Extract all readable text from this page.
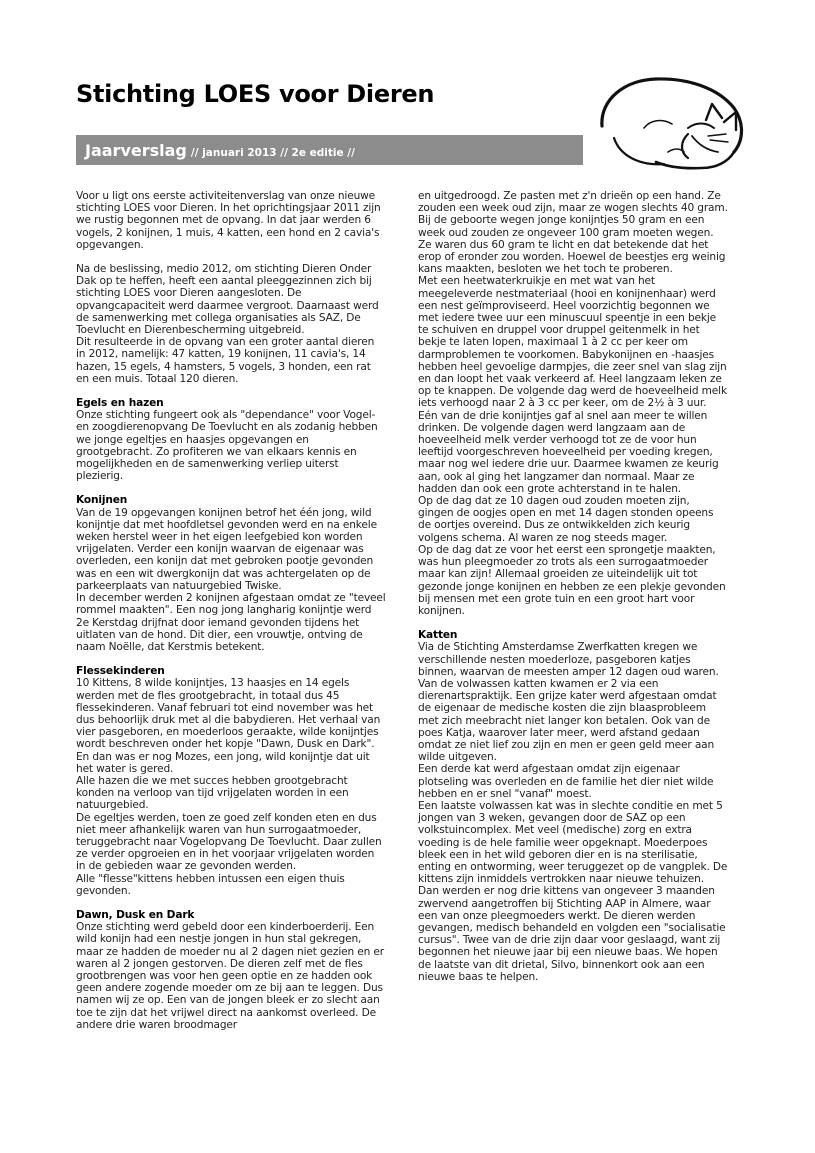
Stichting LOES voor Dieren
Jaarverslag // januari 2013 // 2e editie //

Voor u ligt ons eerste activiteitenverslag van onze nieuwe stichting LOES voor Dieren. In het oprichtingsjaar 2011 zijn we rustig begonnen met de opvang. In dat jaar werden 6 vogels, 2 konijnen, 1 muis, 4 katten, een hond en 2 cavia's opgevangen.

Na de beslissing, medio 2012, om stichting Dieren Onder Dak op te heffen, heeft een aantal pleeggezinnen zich bij stichting LOES voor Dieren aangesloten. De opvangcapaciteit werd daarmee vergroot. Daarnaast werd de samenwerking met collega organisaties als SAZ, De Toevlucht en Dierenbescherming uitgebreid.

Dit resulteerde in de opvang van een groter aantal dieren in 2012, namelijk: 47 katten, 19 konijnen, 11 cavia's, 14 hazen, 15 egels, 4 hamsters, 5 vogels, 3 honden, een rat en een muis. Totaal 120 dieren.

Egels en hazen

Onze stichting fungeert ook als "dependance" voor Vogel- en zoogdierenopvang De Toevlucht en als zodanig hebben we jonge egeltjes en haasjes opgevangen en grootgebracht. Zo profiteren we van elkaars kennis en mogelijkheden en de samenwerking verliep uiterst plezierig.

Konijnen

Van de 19 opgevangen konijnen betrof het één jong, wild konijntje dat met hoofdletsel gevonden werd en na enkele weken herstel weer in het eigen leefgebied kon worden vrijgelaten. Verder een konijn waarvan de eigenaar was overleden, een konijn dat met gebroken pootje gevonden was en een wit dwergkonijn dat was achtergelaten op de parkeerplaats van natuurgebied Twiske.

In december werden 2 konijnen afgestaan omdat ze "teveel rommel maakten". Een nog jong langharig konijntje werd 2e Kerstdag drijfnat door iemand gevonden tijdens het uitlaten van de hond. Dit dier, een vrouwtje, ontving de naam Noëlle, dat Kerstmis betekent.

Flessekinderen

10 Kittens, 8 wilde konijntjes, 13 haasjes en 14 egels werden met de fles grootgebracht, in totaal dus 45 flessekinderen. Vanaf februari tot eind november was het dus behoorlijk druk met al die babydieren. Het verhaal van vier pasgeboren, en moederloos geraakte, wilde konijntjes wordt beschreven onder het kopje "Dawn, Dusk en Dark". En dan was er nog Mozes, een jong, wild konijntje dat uit het water is gered.

Alle hazen die we met succes hebben grootgebracht konden na verloop van tijd vrijgelaten worden in een natuurgebied.

De egeltjes werden, toen ze goed zelf konden eten en dus niet meer afhankelijk waren van hun surrogaatmoeder, teruggebracht naar Vogelopvang De Toevlucht. Daar zullen ze verder opgroeien en in het voorjaar vrijgelaten worden in de gebieden waar ze gevonden werden.

Alle "flesse"kittens hebben intussen een eigen thuis gevonden.

Dawn, Dusk en Dark

Onze stichting werd gebeld door een kinderboerderij. Een wild konijn had een nestje jongen in hun stal gekregen, maar ze hadden de moeder nu al 2 dagen niet gezien en er waren al 2 jongen gestorven. De dieren zelf met de fles grootbrengen was voor hen geen optie en ze hadden ook geen andere zogende moeder om ze bij aan te leggen. Dus namen wij ze op. Een van de jongen bleek er zo slecht aan toe te zijn dat het vrijwel direct na aankomst overleed. De andere drie waren broodmager

en uitgedroogd. Ze pasten met z'n drieën op een hand. Ze zouden een week oud zijn, maar ze wogen slechts 40 gram. Bij de geboorte wegen jonge konijntjes 50 gram en een week oud zouden ze ongeveer 100 gram moeten wegen. Ze waren dus 60 gram te licht en dat betekende dat het erop of eronder zou worden. Hoewel de beestjes erg weinig kans maakten, besloten we het toch te proberen.

Met een heetwaterkruikje en met wat van het meegeleverde nestmateriaal (hooi en konijnenhaar) werd een nest geïmproviseerd. Heel voorzichtig begonnen we met iedere twee uur een minuscuul speentje in een bekje te schuiven en druppel voor druppel geitenmelk in het bekje te laten lopen, maximaal 1 à 2 cc per keer om darmproblemen te voorkomen. Babykonijnen en -haasjes hebben heel gevoelige darmpjes, die zeer snel van slag zijn en dan loopt het vaak verkeerd af. Heel langzaam leken ze op te knappen. De volgende dag werd de hoeveelheid melk iets verhoogd naar 2 à 3 cc per keer, om de 2½ à 3 uur. Eén van de drie konijntjes gaf al snel aan meer te willen drinken. De volgende dagen werd langzaam aan de hoeveelheid melk verder verhoogd tot ze de voor hun leeftijd voorgeschreven hoeveelheid per voeding kregen, maar nog wel iedere drie uur. Daarmee kwamen ze keurig aan, ook al ging het langzamer dan normaal. Maar ze hadden dan ook een grote achterstand in te halen.

Op de dag dat ze 10 dagen oud zouden moeten zijn, gingen de oogjes open en met 14 dagen stonden opeens de oortjes overeind. Dus ze ontwikkelden zich keurig volgens schema. Al waren ze nog steeds mager.

Op de dag dat ze voor het eerst een sprongetje maakten, was hun pleegmoeder zo trots als een surrogaatmoeder maar kan zijn! Allemaal groeiden ze uiteindelijk uit tot gezonde jonge konijnen en hebben ze een plekje gevonden bij mensen met een grote tuin en een groot hart voor konijnen.

Katten

Via de Stichting Amsterdamse Zwerfkatten kregen we verschillende nesten moederloze, pasgeboren katjes binnen, waarvan de meesten amper 12 dagen oud waren.

Van de volwassen katten kwamen er 2 via een dierenartspraktijk. Een grijze kater werd afgestaan omdat de eigenaar de medische kosten die zijn blaasprobleem met zich meebracht niet langer kon betalen. Ook van de poes Katja, waarover later meer, werd afstand gedaan omdat ze niet lief zou zijn en men er geen geld meer aan wilde uitgeven.

Een derde kat werd afgestaan omdat zijn eigenaar plotseling was overleden en de familie het dier niet wilde hebben en er snel "vanaf" moest.

Een laatste volwassen kat was in slechte conditie en met 5 jongen van 3 weken, gevangen door de SAZ op een volkstuincomplex. Met veel (medische) zorg en extra voeding is de hele familie weer opgeknapt. Moederpoes bleek een in het wild geboren dier en is na sterilisatie, enting en ontworming, weer teruggezet op de vangplek. De kittens zijn inmiddels vertrokken naar nieuwe tehuizen.

Dan werden er nog drie kittens van ongeveer 3 maanden zwervend aangetroffen bij Stichting AAP in Almere, waar een van onze pleegmoeders werkt. De dieren werden gevangen, medisch behandeld en volgden een "socialisatie cursus". Twee van de drie zijn daar voor geslaagd, want zij begonnen het nieuwe jaar bij een nieuwe baas. We hopen de laatste van dit drietal, Silvo, binnenkort ook aan een nieuwe baas te helpen.
